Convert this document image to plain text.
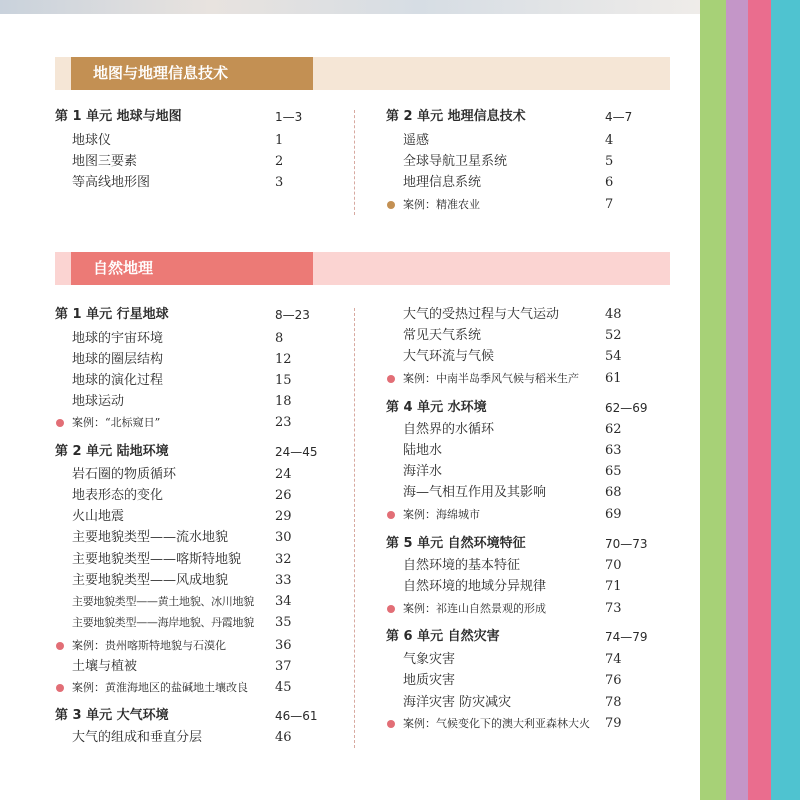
地图与地理信息技术
第 1 单元 地球与地图	1—3
地球仪	1
地图三要素	2
等高线地形图	3
第 2 单元 地理信息技术	4—7
遥感	4
全球导航卫星系统	5
地理信息系统	6
案例：精准农业	7
自然地理
第 1 单元 行星地球	8—23
地球的宇宙环境	8
地球的圈层结构	12
地球的演化过程	15
地球运动	18
案例：“北标窥日”	23
第 2 单元 陆地环境	24—45
岩石圈的物质循环	24
地表形态的变化	26
火山地震	29
主要地貌类型——流水地貌	30
主要地貌类型——喀斯特地貌	32
主要地貌类型——风成地貌	33
主要地貌类型——黄土地貌、冰川地貌 34
主要地貌类型——海岸地貌、丹霞地貌 35
案例：贵州喀斯特地貌与石漠化	36
土壤与植被	37
案例：黄淮海地区的盐碱地土壤改良 45
第 3 单元 大气环境	46—61
大气的组成和垂直分层	46
大气的受热过程与大气运动	48
常见天气系统	52
大气环流与气候	54
案例：中南半岛季风气候与稻米生产 61
第 4 单元 水环境	62—69
自然界的水循环	62
陆地水	63
海洋水	65
海—气相互作用及其影响	68
案例：海绵城市	69
第 5 单元 自然环境特征	70—73
自然环境的基本特征	70
自然环境的地域分异规律	71
案例：祁连山自然景观的形成	73
第 6 单元 自然灾害	74—79
气象灾害	74
地质灾害	76
海洋灾害 防灾减灾	78
案例：气候变化下的澳大利亚森林大火 79
